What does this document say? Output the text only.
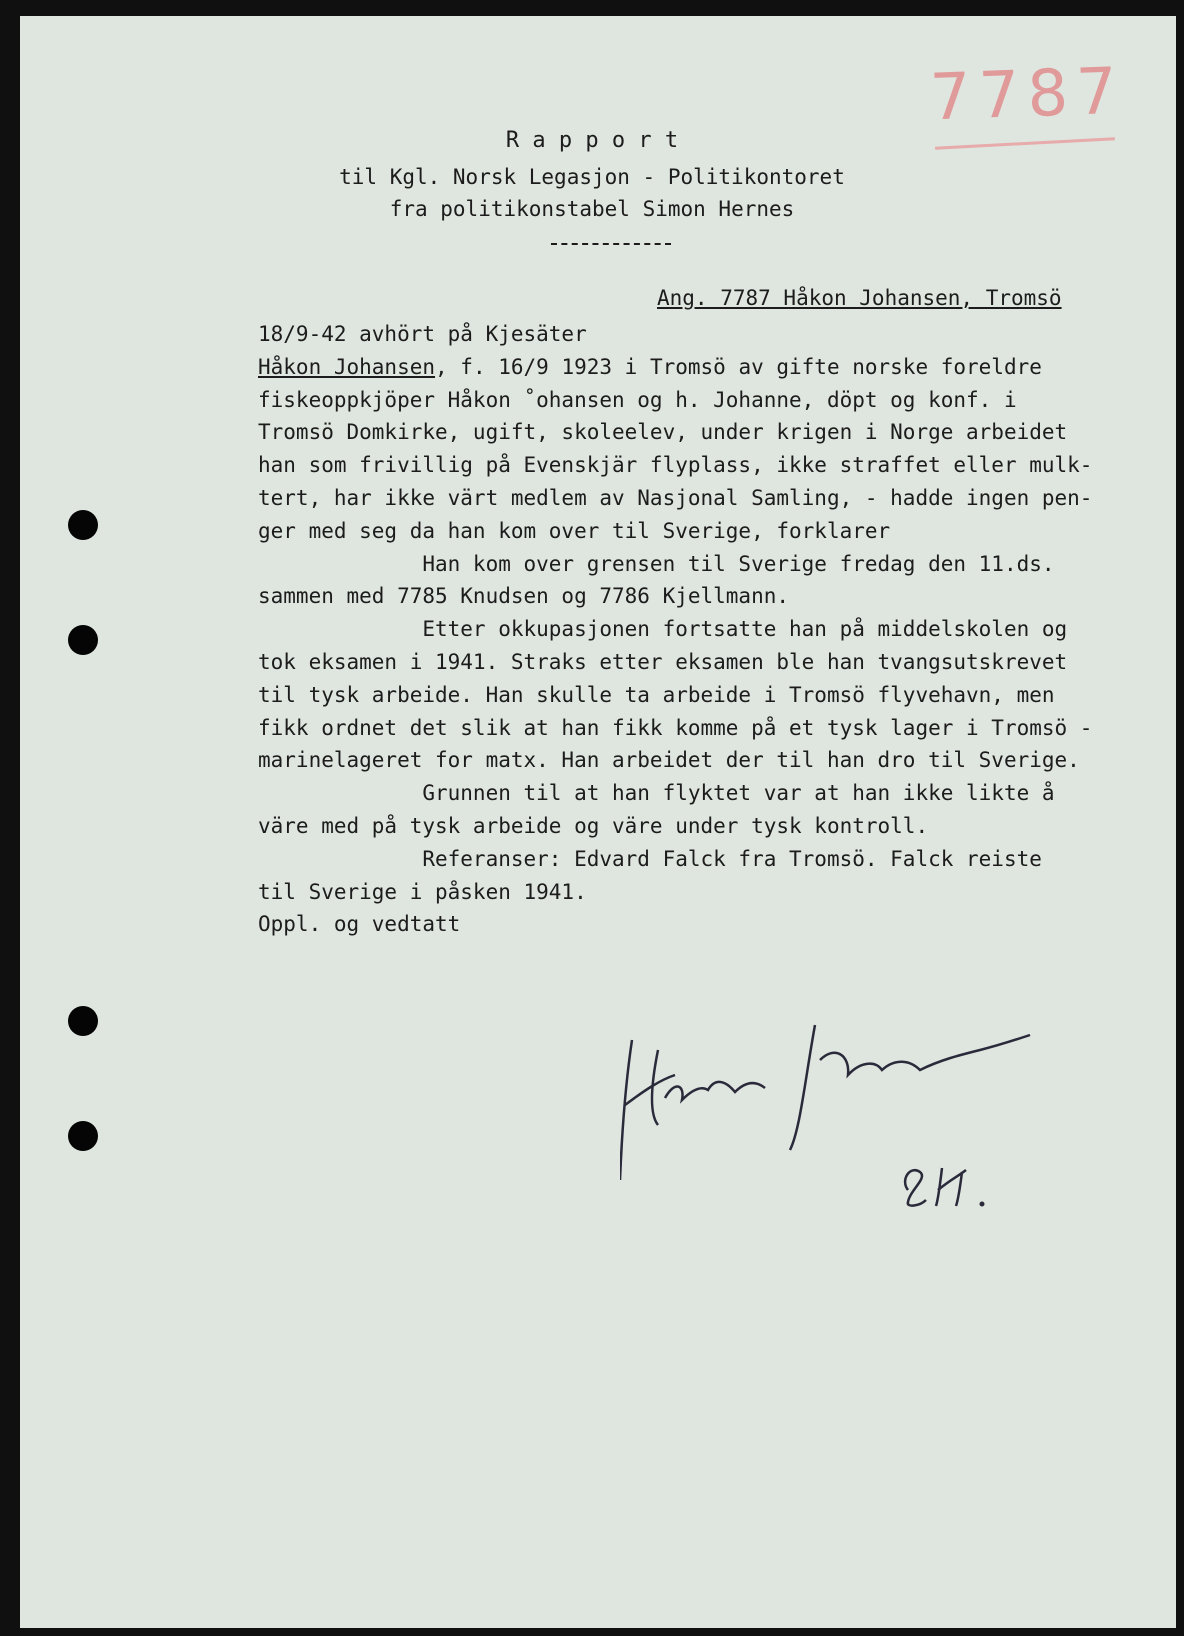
7787
R a p p o r t
til Kgl. Norsk Legasjon - Politikontoret
fra politikonstabel Simon Hernes
Ang. 7787 Håkon Johansen, Tromsö
18/9-42 avhört på Kjesäter
Håkon Johansen, f. 16/9 1923 i Tromsö av gifte norske foreldre
fiskeoppkjöper Håkon ˚ohansen og h. Johanne, döpt og konf. i
Tromsö Domkirke, ugift, skoleelev, under krigen i Norge arbeidet
han som frivillig på Evenskjär flyplass, ikke straffet eller mulk-
tert, har ikke värt medlem av Nasjonal Samling, - hadde ingen pen-
ger med seg da han kom over til Sverige, forklarer
Han kom over grensen til Sverige fredag den 11.ds.
sammen med 7785 Knudsen og 7786 Kjellmann.
Etter okkupasjonen fortsatte han på middelskolen og
tok eksamen i 1941. Straks etter eksamen ble han tvangsutskrevet
til tysk arbeide. Han skulle ta arbeide i Tromsö flyvehavn, men
fikk ordnet det slik at han fikk komme på et tysk lager i Tromsö -
marinelageret for matx. Han arbeidet der til han dro til Sverige.
Grunnen til at han flyktet var at han ikke likte å
väre med på tysk arbeide og väre under tysk kontroll.
Referanser: Edvard Falck fra Tromsö. Falck reiste
til Sverige i påsken 1941.
Oppl. og vedtatt
